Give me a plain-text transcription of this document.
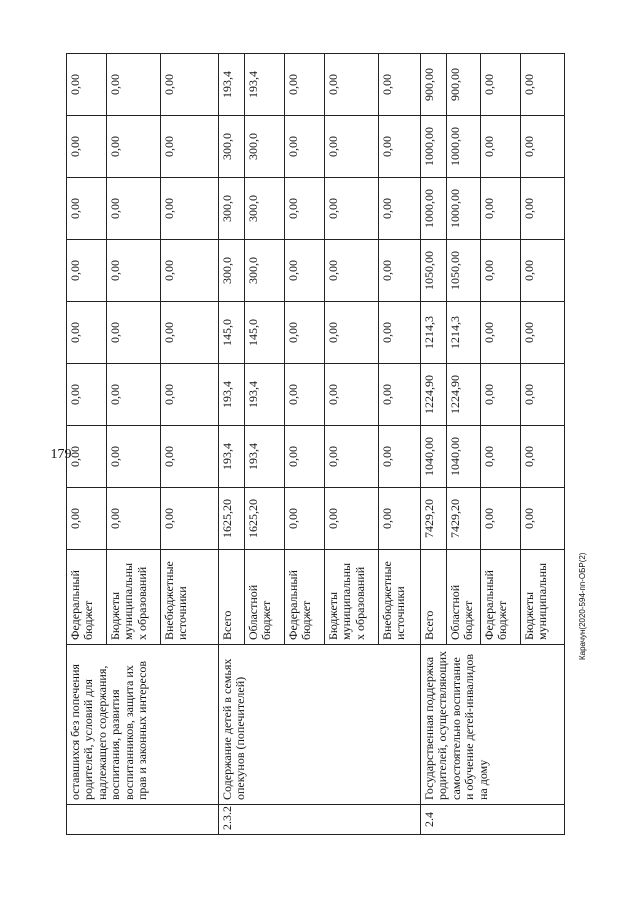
179
Карачун(2020-594-пп-ОБР(2)
	оставшихся без попечения родителей, условий для надлежащего содержания, воспитания, развития воспитанников, защита их прав и законных интересов	Федеральный бюджет	0,00	0,00	0,00	0,00	0,00	0,00	0,00	0,00
		Бюджеты муниципальны х образований	0,00	0,00	0,00	0,00	0,00	0,00	0,00	0,00
		Внебюджетные источники	0,00	0,00	0,00	0,00	0,00	0,00	0,00	0,00
2.3.2	Содержание детей в семьях опекунов (попечителей)	Всего	1625,20	193,4	193,4	145,0	300,0	300,0	300,0	193,4
		Областной бюджет	1625,20	193,4	193,4	145,0	300,0	300,0	300,0	193,4
		Федеральный бюджет	0,00	0,00	0,00	0,00	0,00	0,00	0,00	0,00
		Бюджеты муниципальны х образований	0,00	0,00	0,00	0,00	0,00	0,00	0,00	0,00
		Внебюджетные источники	0,00	0,00	0,00	0,00	0,00	0,00	0,00	0,00
2.4	Государственная поддержка родителей, осуществляющих самостоятельно воспитание и обучение детей-инвалидов на дому	Всего	7429,20	1040,00	1224,90	1214,3	1050,00	1000,00	1000,00	900,00
		Областной бюджет	7429,20	1040,00	1224,90	1214,3	1050,00	1000,00	1000,00	900,00
		Федеральный бюджет	0,00	0,00	0,00	0,00	0,00	0,00	0,00	0,00
		Бюджеты муниципальны	0,00	0,00	0,00	0,00	0,00	0,00	0,00	0,00
